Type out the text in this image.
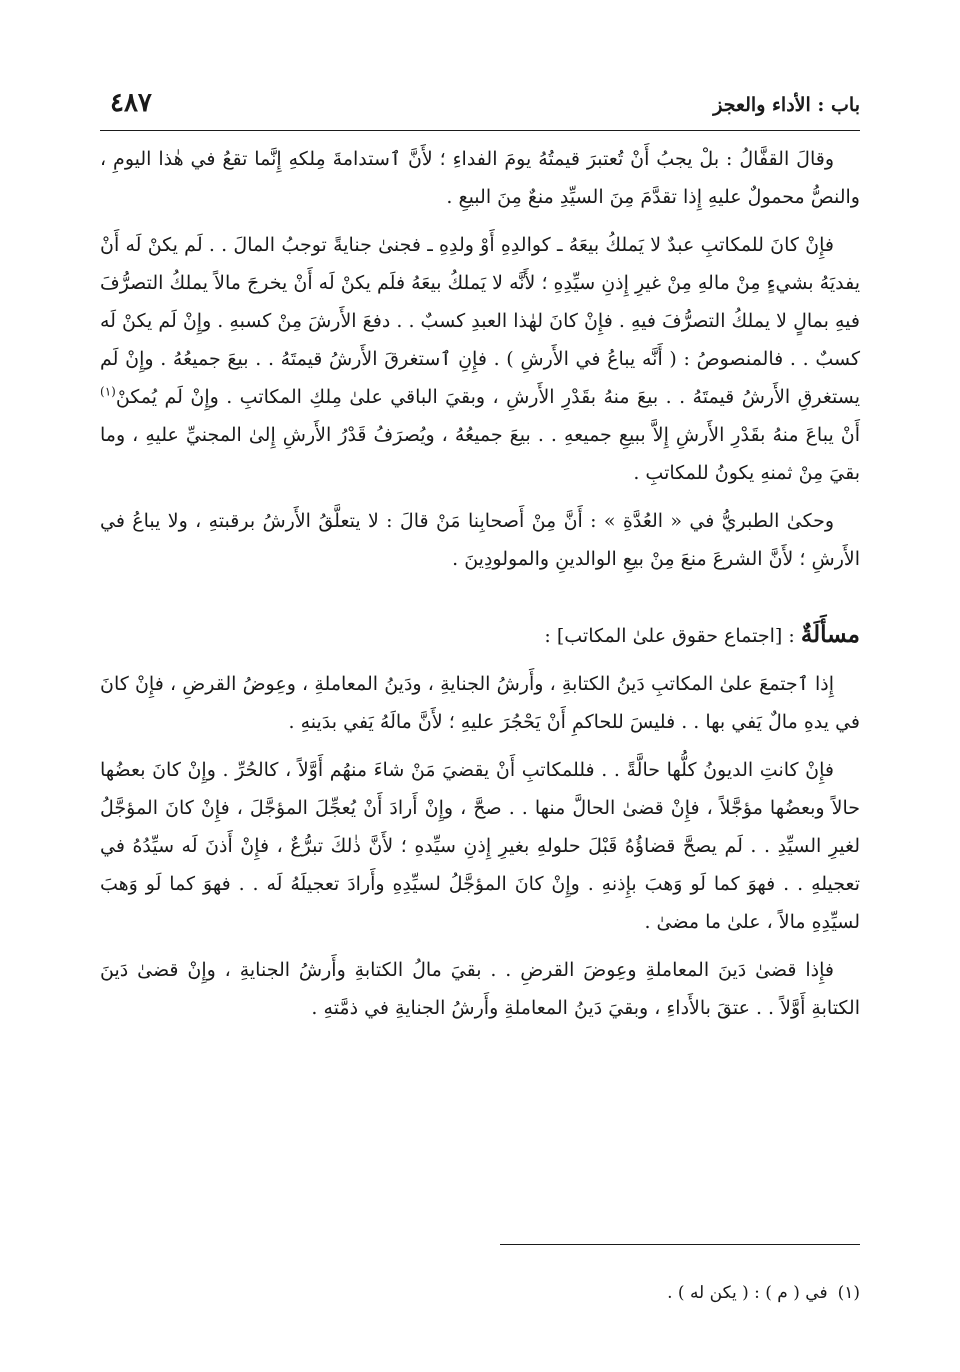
باب : الأداء والعجز
٤٨٧

وقالَ القفَّالُ : بلْ يجبُ أَنْ تُعتبرَ قيمتُهُ يومَ الفداءِ ؛ لأَنَّ ٱستدامةَ مِلكهِ إِنَّما تقعُ في هٰذا اليومِ ، والنصُّ محمولٌ عليهِ إِذا تقدَّمَ مِنَ السيِّدِ منعٌ مِنَ البيعِ .

فإِنْ كانَ للمكاتبِ عبدٌ لا يَملكُ بيعَهُ ـ كوالدِهِ أَوْ ولدِهِ ـ فجنىٰ جنايةً توجبُ المالَ . . لَم يكنْ لَه أَنْ يفديَهُ بشيءٍ مِنْ مالهِ مِنْ غيرِ إِذنِ سيِّدِهِ ؛ لأَنَّه لا يَملكُ بيعَهُ فلَم يكنْ لَه أَنْ يخرجَ مالاً يملكُ التصرُّفَ فيهِ بمالٍ لا يملكُ التصرُّفَ فيهِ . فإِنْ كانَ لهٰذا العبدِ كسبٌ . . دفعَ الأَرشَ مِنْ كسبهِ . وإِنْ لَم يكنْ لَه كسبٌ . . فالمنصوصُ : ( أَنَّه يباعُ في الأَرشِ ) . فإِنِ ٱستغرقَ الأَرشُ قيمتَهُ . . بيعَ جميعُهُ . وإِنْ لَم يستغرقِ الأَرشُ قيمتَهُ . . بيعَ منهُ بقَدْرِ الأَرشِ ، وبقيَ الباقي علىٰ مِلكِ المكاتبِ . وإِنْ لَم يُمكنْ$^{(١)}$ أَنْ يباعَ منهُ بقَدْرِ الأَرشِ إِلاَّ ببيعِ جميعهِ . . بيعَ جميعُهُ ، ويُصرَفُ قَدْرُ الأَرشِ إِلىٰ المجنيِّ عليهِ ، وما بقيَ مِنْ ثمنهِ يكونُ للمكاتبِ .

وحكىٰ الطبريُّ في « العُدَّةِ » : أَنَّ مِنْ أَصحابِنا مَنْ قالَ : لا يتعلَّقُ الأَرشُ برقبتهِ ، ولا يباعُ في الأَرشِ ؛ لأَنَّ الشرعَ منعَ مِنْ بيعِ الوالدينِ والمولودِينَ .

مسأَلَةٌ : [اجتماع حقوق علىٰ المكاتب] :

إِذا ٱجتمعَ علىٰ المكاتبِ دَينُ الكتابةِ ، وأَرشُ الجنايةِ ، ودَينُ المعاملةِ ، وعِوضُ القرضِ ، فإِنْ كانَ في يدهِ مالٌ يَفي بها . . فليسَ للحاكمِ أَنْ يَحْجُرَ عليهِ ؛ لأَنَّ مالَهُ يَفي بدَينهِ .

فإِنْ كانتِ الديونُ كلُّها حالَّةً . . فللمكاتبِ أَنْ يقضيَ مَنْ شاءَ منهُم أَوَّلاً ، كالحُرِّ . وإِنْ كانَ بعضُها حالاً وبعضُها مؤجَّلاً ، فإِنْ قضىٰ الحالَّ منها . . صحَّ ، وإِنْ أَرادَ أَنْ يُعجِّلَ المؤجَّلَ ، فإِنْ كانَ المؤجَّلُ لغيرِ السيِّدِ . . لَم يصحَّ قضاؤُهُ قَبْلَ حلولهِ بغيرِ إِذنِ سيِّدهِ ؛ لأَنَّ ذٰلكَ تبرُّعٌ ، فإِنْ أَذنَ لَه سيِّدُهُ في تعجيلهِ . . فهوَ كما لَو وَهبَ بإِذنهِ . وإِنْ كانَ المؤجَّلُ لسيِّدِهِ وأَرادَ تعجيلَهُ لَه . . فهوَ كما لَو وَهبَ لسيِّدِهِ مالاً ، علىٰ ما مضىٰ .

فإِذا قضىٰ دَينَ المعاملةِ وعِوضَ القرضِ . . بقيَ مالُ الكتابةِ وأَرشُ الجنايةِ ، وإِنْ قضىٰ دَينَ الكتابةِ أَوَّلاً . . عتقَ بالأَداءِ ، وبقيَ دَينُ المعاملةِ وأَرشُ الجنايةِ في ذمَّتهِ .

(١)في ( م ) : ( يكن له ) .
